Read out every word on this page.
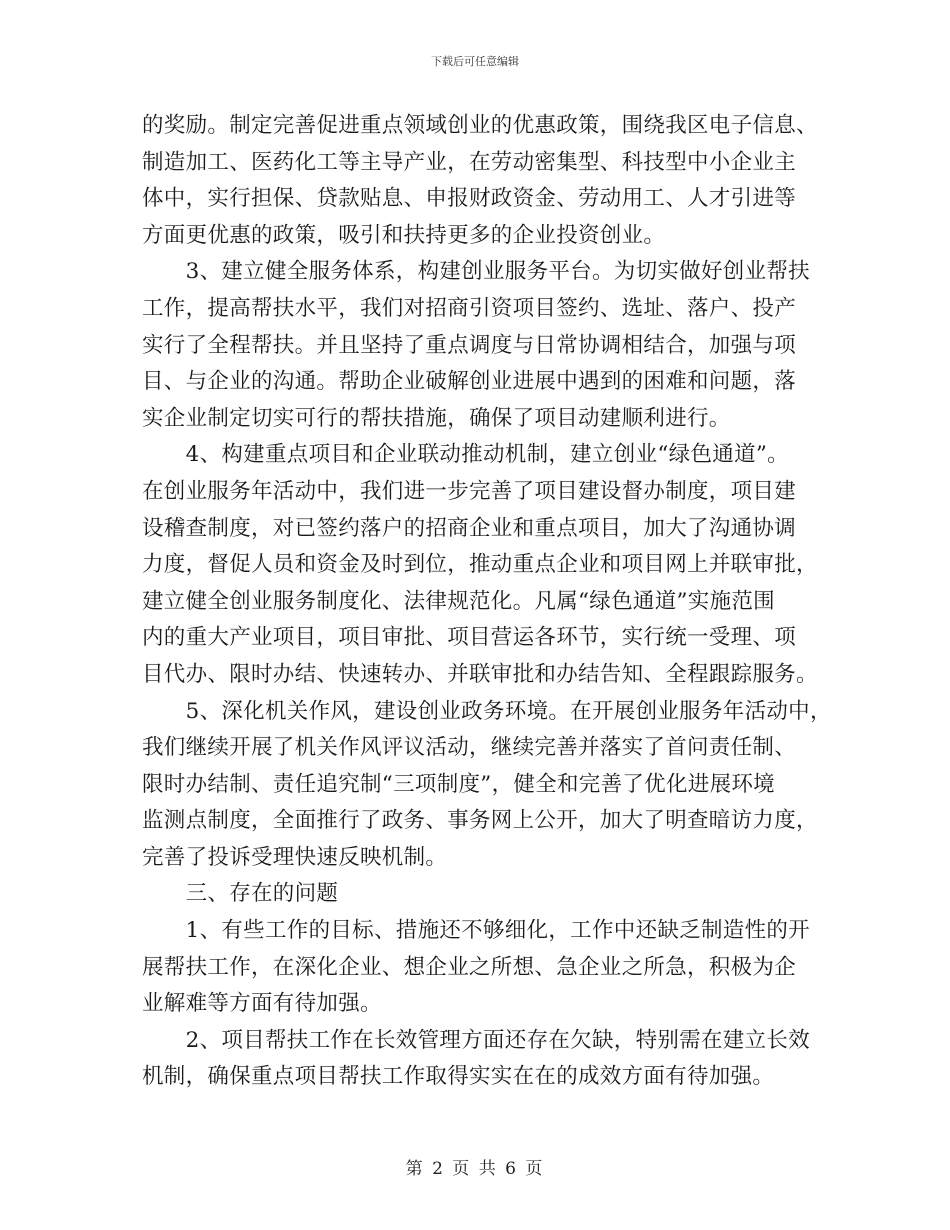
下载后可任意编辑
的奖励。制定完善促进重点领域创业的优惠政策，围绕我区电子信息、
制造加工、医药化工等主导产业，在劳动密集型、科技型中小企业主
体中，实行担保、贷款贴息、申报财政资金、劳动用工、人才引进等
方面更优惠的政策，吸引和扶持更多的企业投资创业。
　　3、建立健全服务体系，构建创业服务平台。为切实做好创业帮扶
工作，提高帮扶水平，我们对招商引资项目签约、选址、落户、投产
实行了全程帮扶。并且坚持了重点调度与日常协调相结合，加强与项
目、与企业的沟通。帮助企业破解创业进展中遇到的困难和问题，落
实企业制定切实可行的帮扶措施，确保了项目动建顺利进行。
　　4、构建重点项目和企业联动推动机制，建立创业“绿色通道”。
在创业服务年活动中，我们进一步完善了项目建设督办制度，项目建
设稽查制度，对已签约落户的招商企业和重点项目，加大了沟通协调
力度，督促人员和资金及时到位，推动重点企业和项目网上并联审批，
建立健全创业服务制度化、法律规范化。凡属“绿色通道”实施范围
内的重大产业项目，项目审批、项目营运各环节，实行统一受理、项
目代办、限时办结、快速转办、并联审批和办结告知、全程跟踪服务。
　　5、深化机关作风，建设创业政务环境。在开展创业服务年活动中，
我们继续开展了机关作风评议活动，继续完善并落实了首问责任制、
限时办结制、责任追究制“三项制度”，健全和完善了优化进展环境
监测点制度，全面推行了政务、事务网上公开，加大了明查暗访力度，
完善了投诉受理快速反映机制。
　　三、存在的问题
　　1、有些工作的目标、措施还不够细化，工作中还缺乏制造性的开
展帮扶工作，在深化企业、想企业之所想、急企业之所急，积极为企
业解难等方面有待加强。
　　2、项目帮扶工作在长效管理方面还存在欠缺，特别需在建立长效
机制，确保重点项目帮扶工作取得实实在在的成效方面有待加强。
第 2 页 共 6 页
